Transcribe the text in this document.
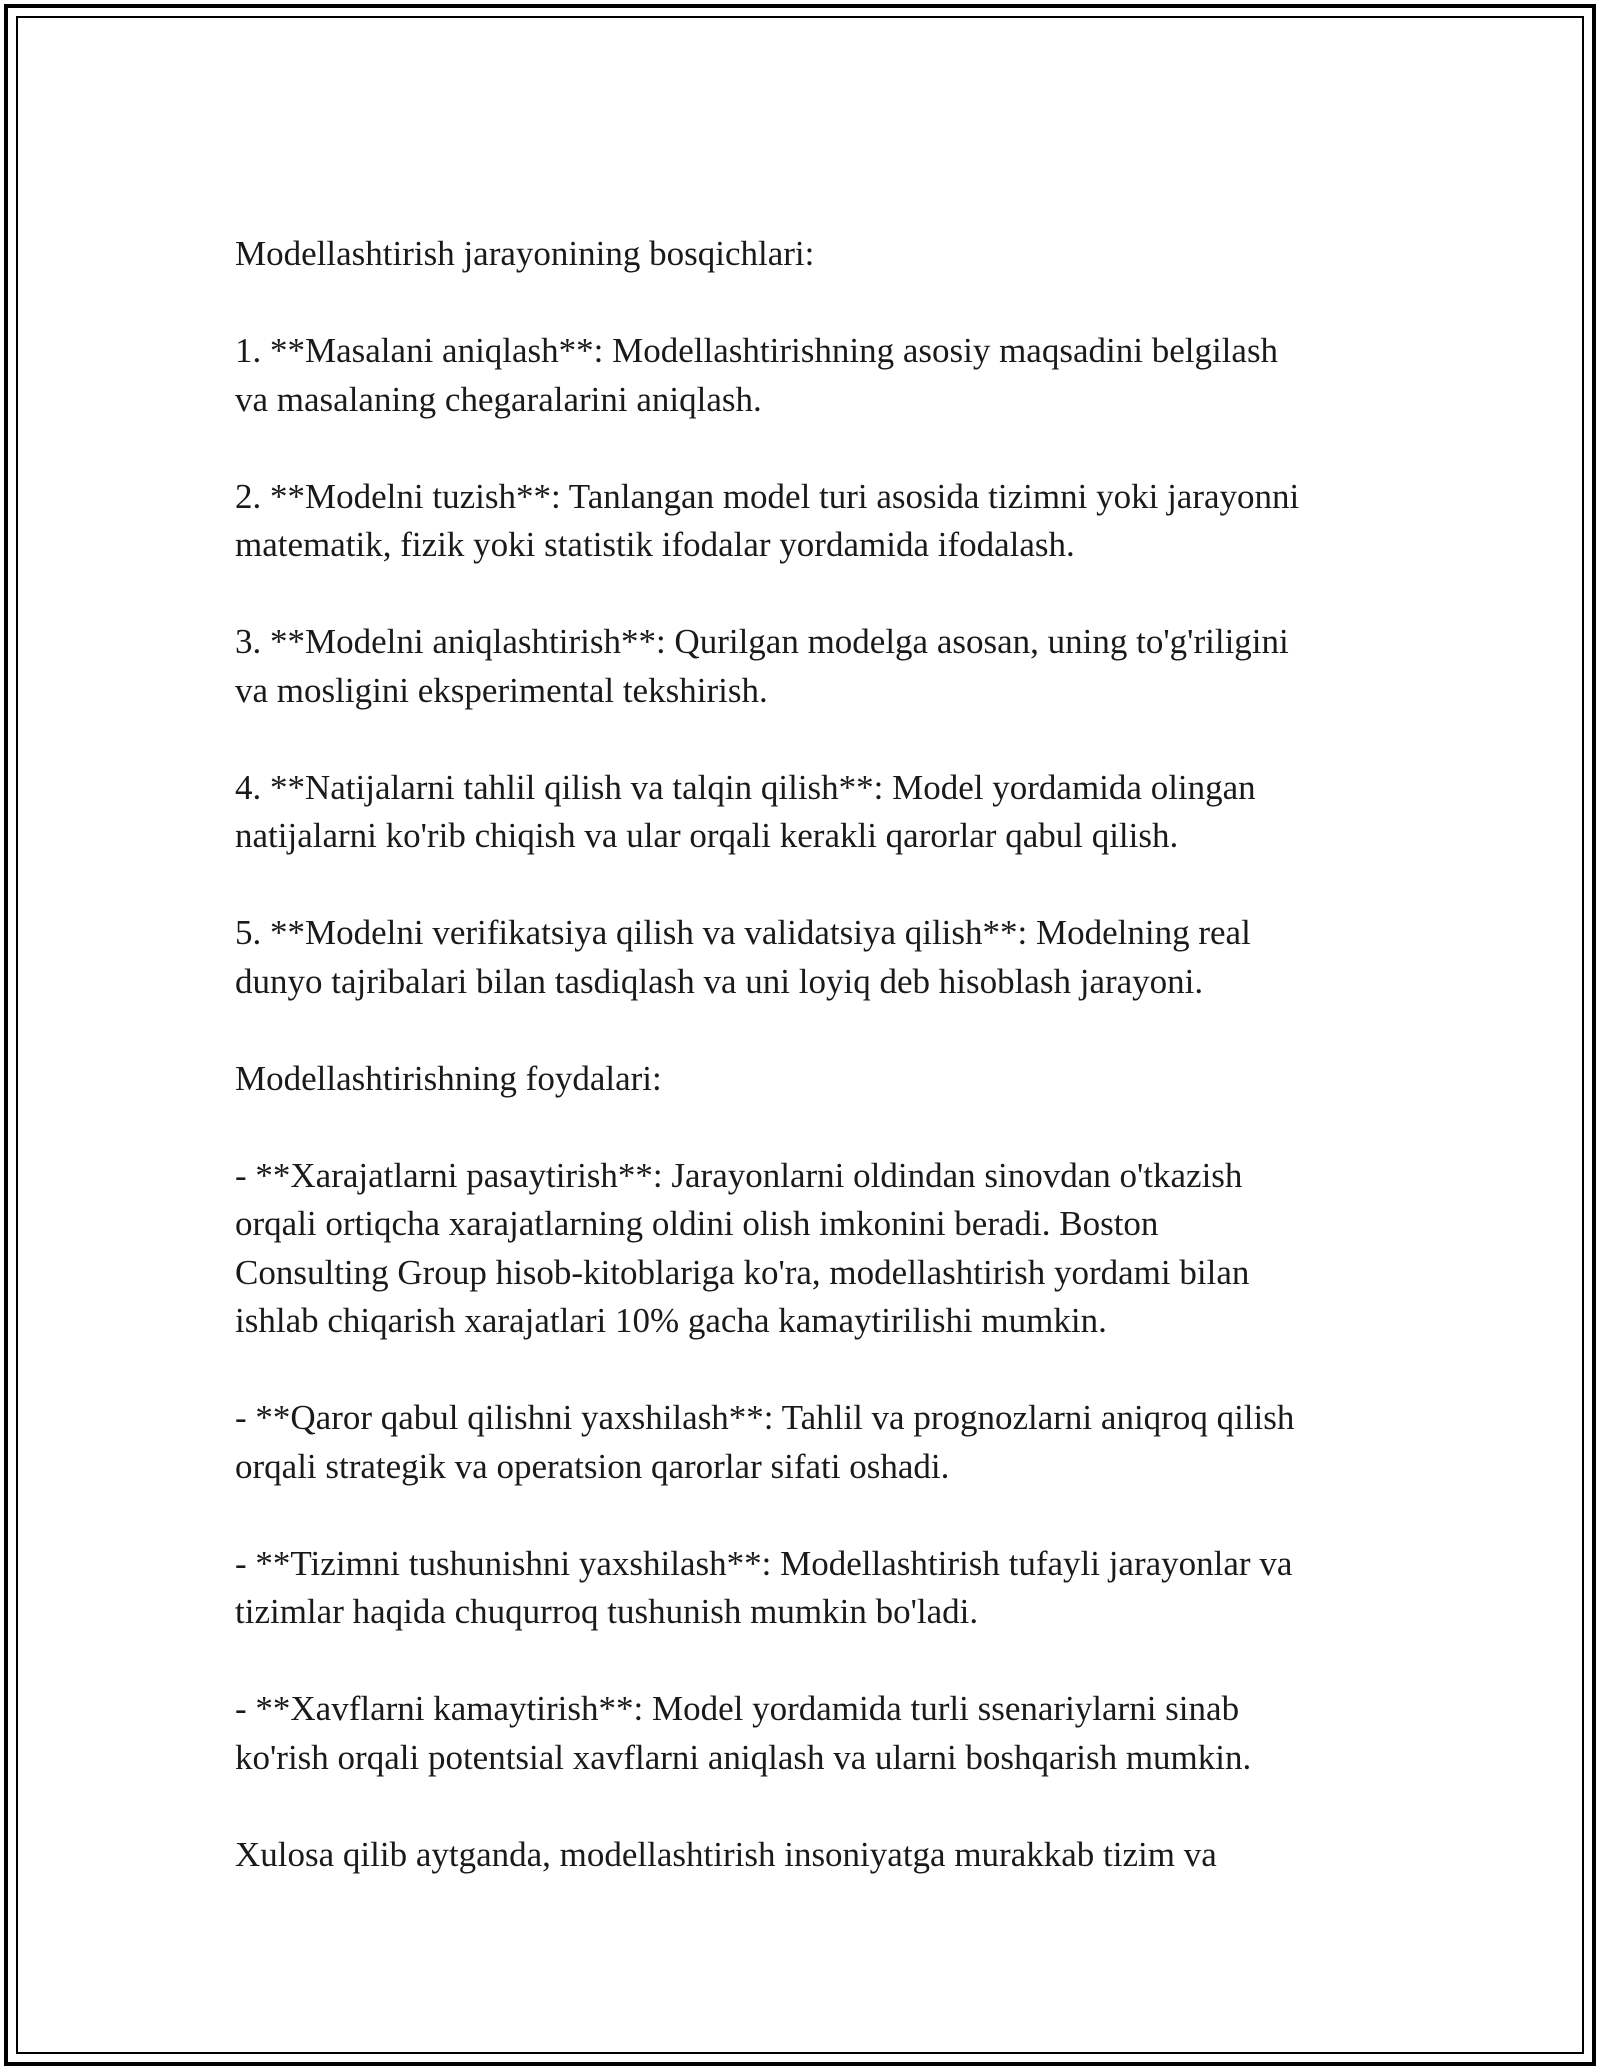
Modellashtirish jarayonining bosqichlari:

1. **Masalani aniqlash**: Modellashtirishning asosiy maqsadini belgilash
va masalaning chegaralarini aniqlash.

2. **Modelni tuzish**: Tanlangan model turi asosida tizimni yoki jarayonni
matematik, fizik yoki statistik ifodalar yordamida ifodalash.

3. **Modelni aniqlashtirish**: Qurilgan modelga asosan, uning to'g'riligini
va mosligini eksperimental tekshirish.

4. **Natijalarni tahlil qilish va talqin qilish**: Model yordamida olingan
natijalarni ko'rib chiqish va ular orqali kerakli qarorlar qabul qilish.

5. **Modelni verifikatsiya qilish va validatsiya qilish**: Modelning real
dunyo tajribalari bilan tasdiqlash va uni loyiq deb hisoblash jarayoni.

Modellashtirishning foydalari:

- **Xarajatlarni pasaytirish**: Jarayonlarni oldindan sinovdan o'tkazish
orqali ortiqcha xarajatlarning oldini olish imkonini beradi. Boston
Consulting Group hisob-kitoblariga ko'ra, modellashtirish yordami bilan
ishlab chiqarish xarajatlari 10% gacha kamaytirilishi mumkin.

- **Qaror qabul qilishni yaxshilash**: Tahlil va prognozlarni aniqroq qilish
orqali strategik va operatsion qarorlar sifati oshadi.

- **Tizimni tushunishni yaxshilash**: Modellashtirish tufayli jarayonlar va
tizimlar haqida chuqurroq tushunish mumkin bo'ladi.

- **Xavflarni kamaytirish**: Model yordamida turli ssenariylarni sinab
ko'rish orqali potentsial xavflarni aniqlash va ularni boshqarish mumkin.

Xulosa qilib aytganda, modellashtirish insoniyatga murakkab tizim va
